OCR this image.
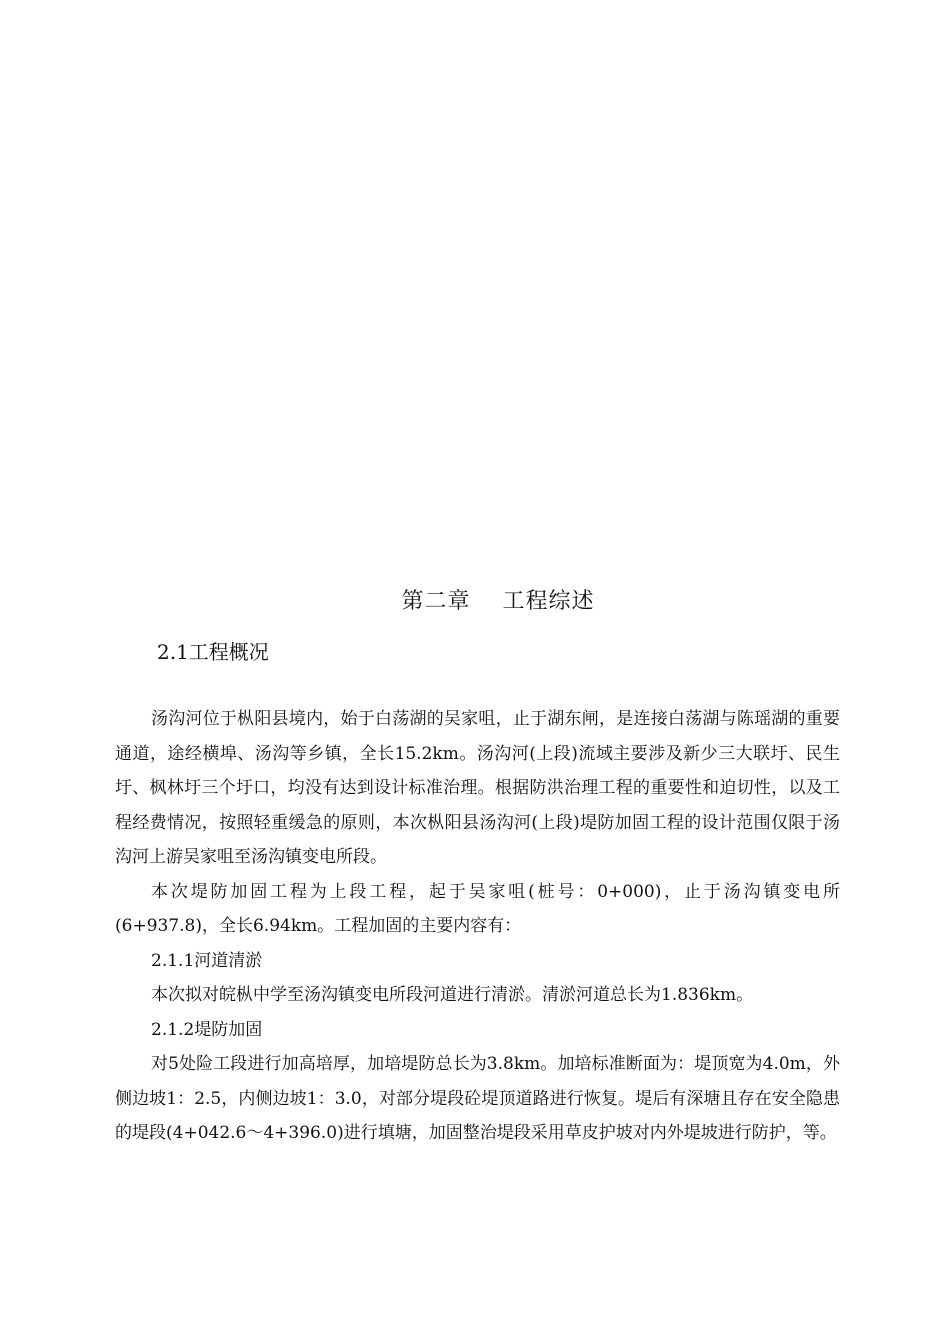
第二章    工程综述
2.1工程概况

汤沟河位于枞阳县境内，始于白荡湖的吴家咀，止于湖东闸，是连接白荡湖与陈瑶湖的重要通道，途经横埠、汤沟等乡镇，全长15.2km。汤沟河(上段)流域主要涉及新少三大联圩、民生圩、枫林圩三个圩口，均没有达到设计标准治理。根据防洪治理工程的重要性和迫切性，以及工程经费情况，按照轻重缓急的原则，本次枞阳县汤沟河(上段)堤防加固工程的设计范围仅限于汤沟河上游吴家咀至汤沟镇变电所段。

本次堤防加固工程为上段工程，起于吴家咀(桩号：0+000)，止于汤沟镇变电所(6+937.8)，全长6.94km。工程加固的主要内容有：

2.1.1河道清淤

本次拟对皖枞中学至汤沟镇变电所段河道进行清淤。清淤河道总长为1.836km。

2.1.2堤防加固

对5处险工段进行加高培厚，加培堤防总长为3.8km。加培标准断面为：堤顶宽为4.0m，外侧边坡1：2.5，内侧边坡1：3.0，对部分堤段砼堤顶道路进行恢复。堤后有深塘且存在安全隐患的堤段(4+042.6～4+396.0)进行填塘，加固整治堤段采用草皮护坡对内外堤坡进行防护，等。
